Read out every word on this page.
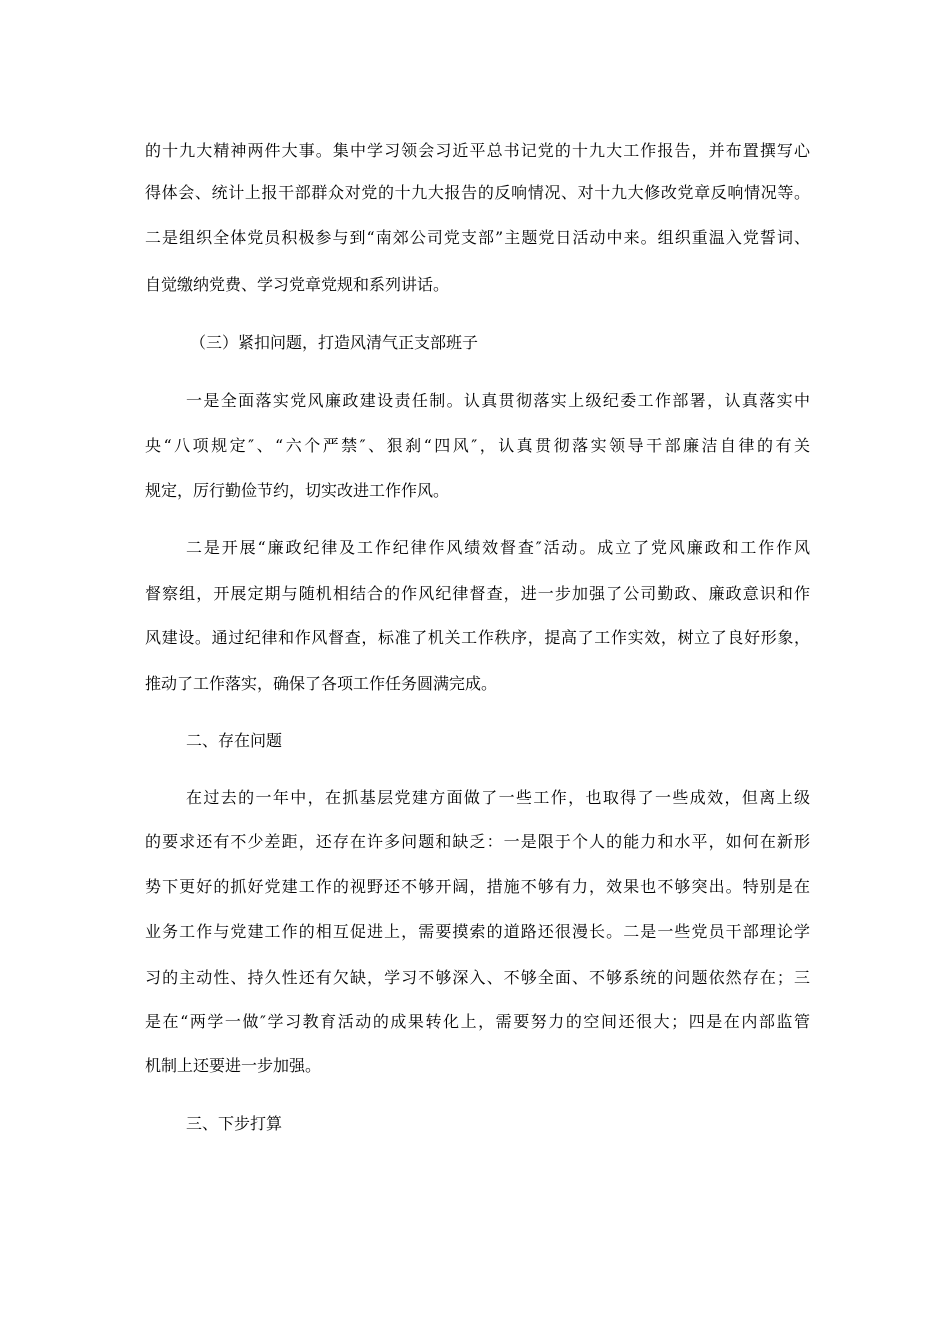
的十九大精神两件大事。集中学习领会习近平总书记党的十九大工作报告，并布置撰写心
得体会、统计上报干部群众对党的十九大报告的反响情况、对十九大修改党章反响情况等。
二是组织全体党员积极参与到“南郊公司党支部”主题党日活动中来。组织重温入党誓词、
自觉缴纳党费、学习党章党规和系列讲话。
（三）紧扣问题，打造风清气正支部班子
一是全面落实党风廉政建设责任制。认真贯彻落实上级纪委工作部署，认真落实中
央“八项规定″、“六个严禁″、狠刹“四风″，认真贯彻落实领导干部廉洁自律的有关
规定，厉行勤俭节约，切实改进工作作风。
二是开展“廉政纪律及工作纪律作风绩效督查″活动。成立了党风廉政和工作作风
督察组，开展定期与随机相结合的作风纪律督查，进一步加强了公司勤政、廉政意识和作
风建设。通过纪律和作风督查，标准了机关工作秩序，提高了工作实效，树立了良好形象，
推动了工作落实，确保了各项工作任务圆满完成。
二、存在问题
在过去的一年中，在抓基层党建方面做了一些工作，也取得了一些成效，但离上级
的要求还有不少差距，还存在许多问题和缺乏：一是限于个人的能力和水平，如何在新形
势下更好的抓好党建工作的视野还不够开阔，措施不够有力，效果也不够突出。特别是在
业务工作与党建工作的相互促进上，需要摸索的道路还很漫长。二是一些党员干部理论学
习的主动性、持久性还有欠缺，学习不够深入、不够全面、不够系统的问题依然存在；三
是在“两学一做″学习教育活动的成果转化上，需要努力的空间还很大；四是在内部监管
机制上还要进一步加强。
三、下步打算
